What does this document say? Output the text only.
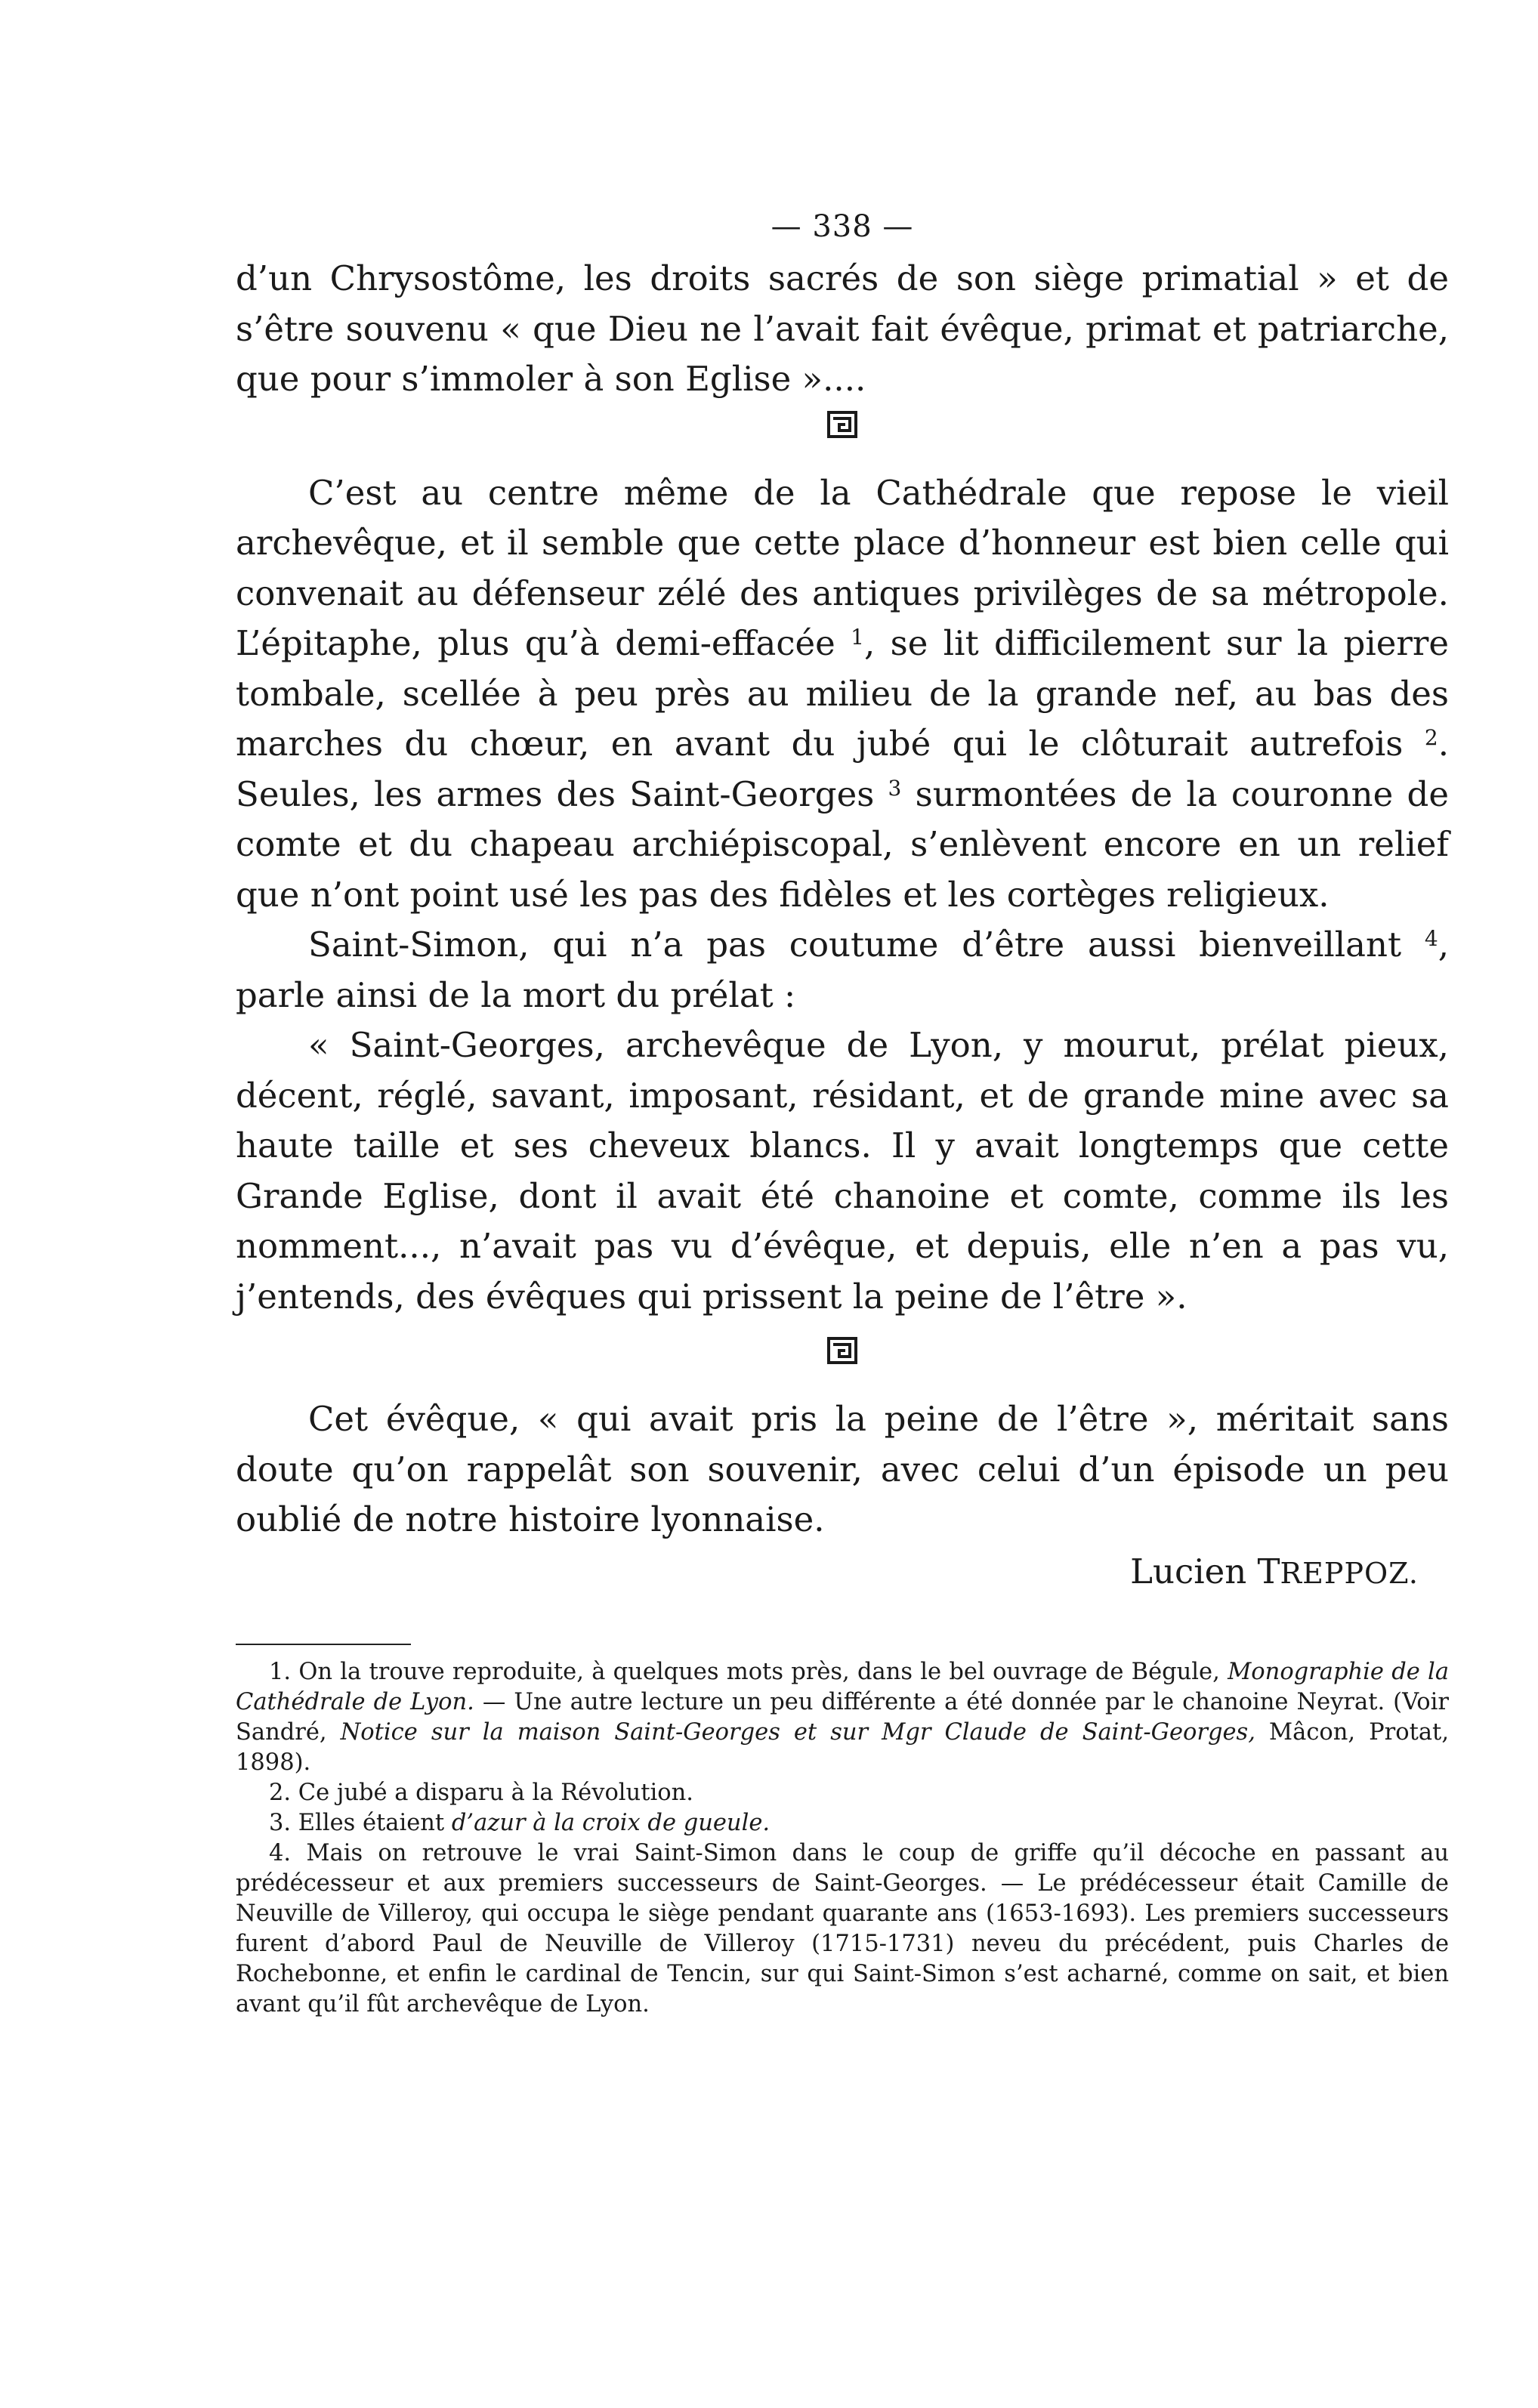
— 338 —

d’un Chrysostôme, les droits sacrés de son siège primatial » et de s’être souvenu « que Dieu ne l’avait fait évêque, primat et patriarche, que pour s’immoler à son Eglise »....

C’est au centre même de la Cathédrale que repose le vieil archevêque, et il semble que cette place d’honneur est bien celle qui convenait au défenseur zélé des antiques privilèges de sa métropole. L’épitaphe, plus qu’à demi-effacée $^1$, se lit difficilement sur la pierre tombale, scellée à peu près au milieu de la grande nef, au bas des marches du chœur, en avant du jubé qui le clôturait autrefois $^2$. Seules, les armes des Saint-Georges $^3$ surmontées de la couronne de comte et du chapeau archiépiscopal, s’enlèvent encore en un relief que n’ont point usé les pas des fidèles et les cortèges religieux.

Saint-Simon, qui n’a pas coutume d’être aussi bienveillant $^4$, parle ainsi de la mort du prélat :

« Saint-Georges, archevêque de Lyon, y mourut, prélat pieux, décent, réglé, savant, imposant, résidant, et de grande mine avec sa haute taille et ses cheveux blancs. Il y avait longtemps que cette Grande Eglise, dont il avait été chanoine et comte, comme ils les nomment..., n’avait pas vu d’évêque, et depuis, elle n’en a pas vu, j’entends, des évêques qui prissent la peine de l’être ».

Cet évêque, « qui avait pris la peine de l’être », méritait sans doute qu’on rappelât son souvenir, avec celui d’un épisode un peu oublié de notre histoire lyonnaise.

Lucien TREPPOZ.

1. On la trouve reproduite, à quelques mots près, dans le bel ouvrage de Bégule, Monographie de la Cathédrale de Lyon. — Une autre lecture un peu différente a été donnée par le chanoine Neyrat. (Voir Sandré, Notice sur la maison Saint-Georges et sur Mgr Claude de Saint-Georges, Mâcon, Protat, 1898).

2. Ce jubé a disparu à la Révolution.

3. Elles étaient d’azur à la croix de gueule.

4. Mais on retrouve le vrai Saint-Simon dans le coup de griffe qu’il décoche en passant au prédécesseur et aux premiers successeurs de Saint-Georges. — Le prédécesseur était Camille de Neuville de Villeroy, qui occupa le siège pendant quarante ans (1653-1693). Les premiers successeurs furent d’abord Paul de Neuville de Villeroy (1715-1731) neveu du précédent, puis Charles de Rochebonne, et enfin le cardinal de Tencin, sur qui Saint-Simon s’est acharné, comme on sait, et bien avant qu’il fût archevêque de Lyon.
